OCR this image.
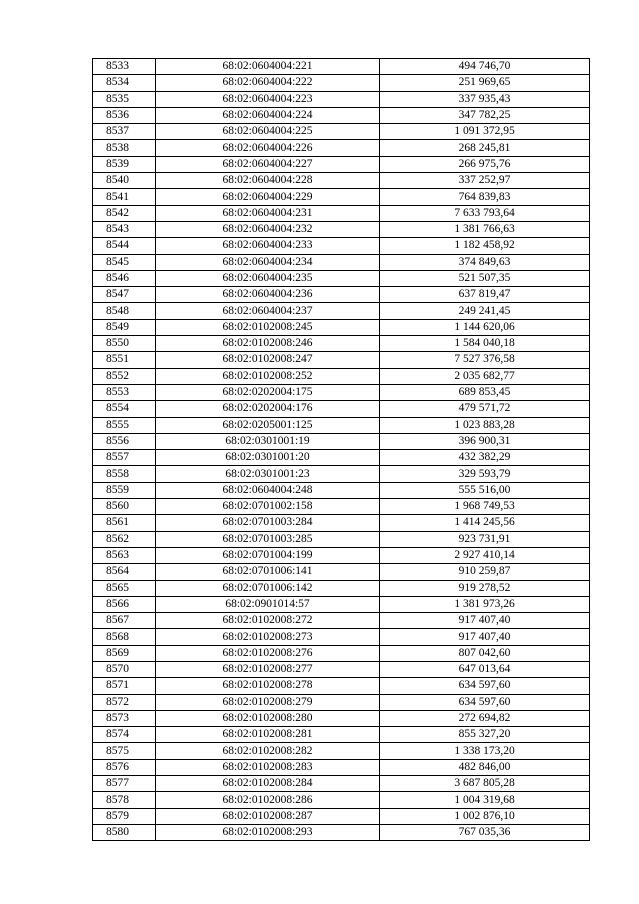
8533	68:02:0604004:221	494 746,70
8534	68:02:0604004:222	251 969,65
8535	68:02:0604004:223	337 935,43
8536	68:02:0604004:224	347 782,25
8537	68:02:0604004:225	1 091 372,95
8538	68:02:0604004:226	268 245,81
8539	68:02:0604004:227	266 975,76
8540	68:02:0604004:228	337 252,97
8541	68:02:0604004:229	764 839,83
8542	68:02:0604004:231	7 633 793,64
8543	68:02:0604004:232	1 381 766,63
8544	68:02:0604004:233	1 182 458,92
8545	68:02:0604004:234	374 849,63
8546	68:02:0604004:235	521 507,35
8547	68:02:0604004:236	637 819,47
8548	68:02:0604004:237	249 241,45
8549	68:02:0102008:245	1 144 620,06
8550	68:02:0102008:246	1 584 040,18
8551	68:02:0102008:247	7 527 376,58
8552	68:02:0102008:252	2 035 682,77
8553	68:02:0202004:175	689 853,45
8554	68:02:0202004:176	479 571,72
8555	68:02:0205001:125	1 023 883,28
8556	68:02:0301001:19	396 900,31
8557	68:02:0301001:20	432 382,29
8558	68:02:0301001:23	329 593,79
8559	68:02:0604004:248	555 516,00
8560	68:02:0701002:158	1 968 749,53
8561	68:02:0701003:284	1 414 245,56
8562	68:02:0701003:285	923 731,91
8563	68:02:0701004:199	2 927 410,14
8564	68:02:0701006:141	910 259,87
8565	68:02:0701006:142	919 278,52
8566	68:02:0901014:57	1 381 973,26
8567	68:02:0102008:272	917 407,40
8568	68:02:0102008:273	917 407,40
8569	68:02:0102008:276	807 042,60
8570	68:02:0102008:277	647 013,64
8571	68:02:0102008:278	634 597,60
8572	68:02:0102008:279	634 597,60
8573	68:02:0102008:280	272 694,82
8574	68:02:0102008:281	855 327,20
8575	68:02:0102008:282	1 338 173,20
8576	68:02:0102008:283	482 846,00
8577	68:02:0102008:284	3 687 805,28
8578	68:02:0102008:286	1 004 319,68
8579	68:02:0102008:287	1 002 876,10
8580	68:02:0102008:293	767 035,36
